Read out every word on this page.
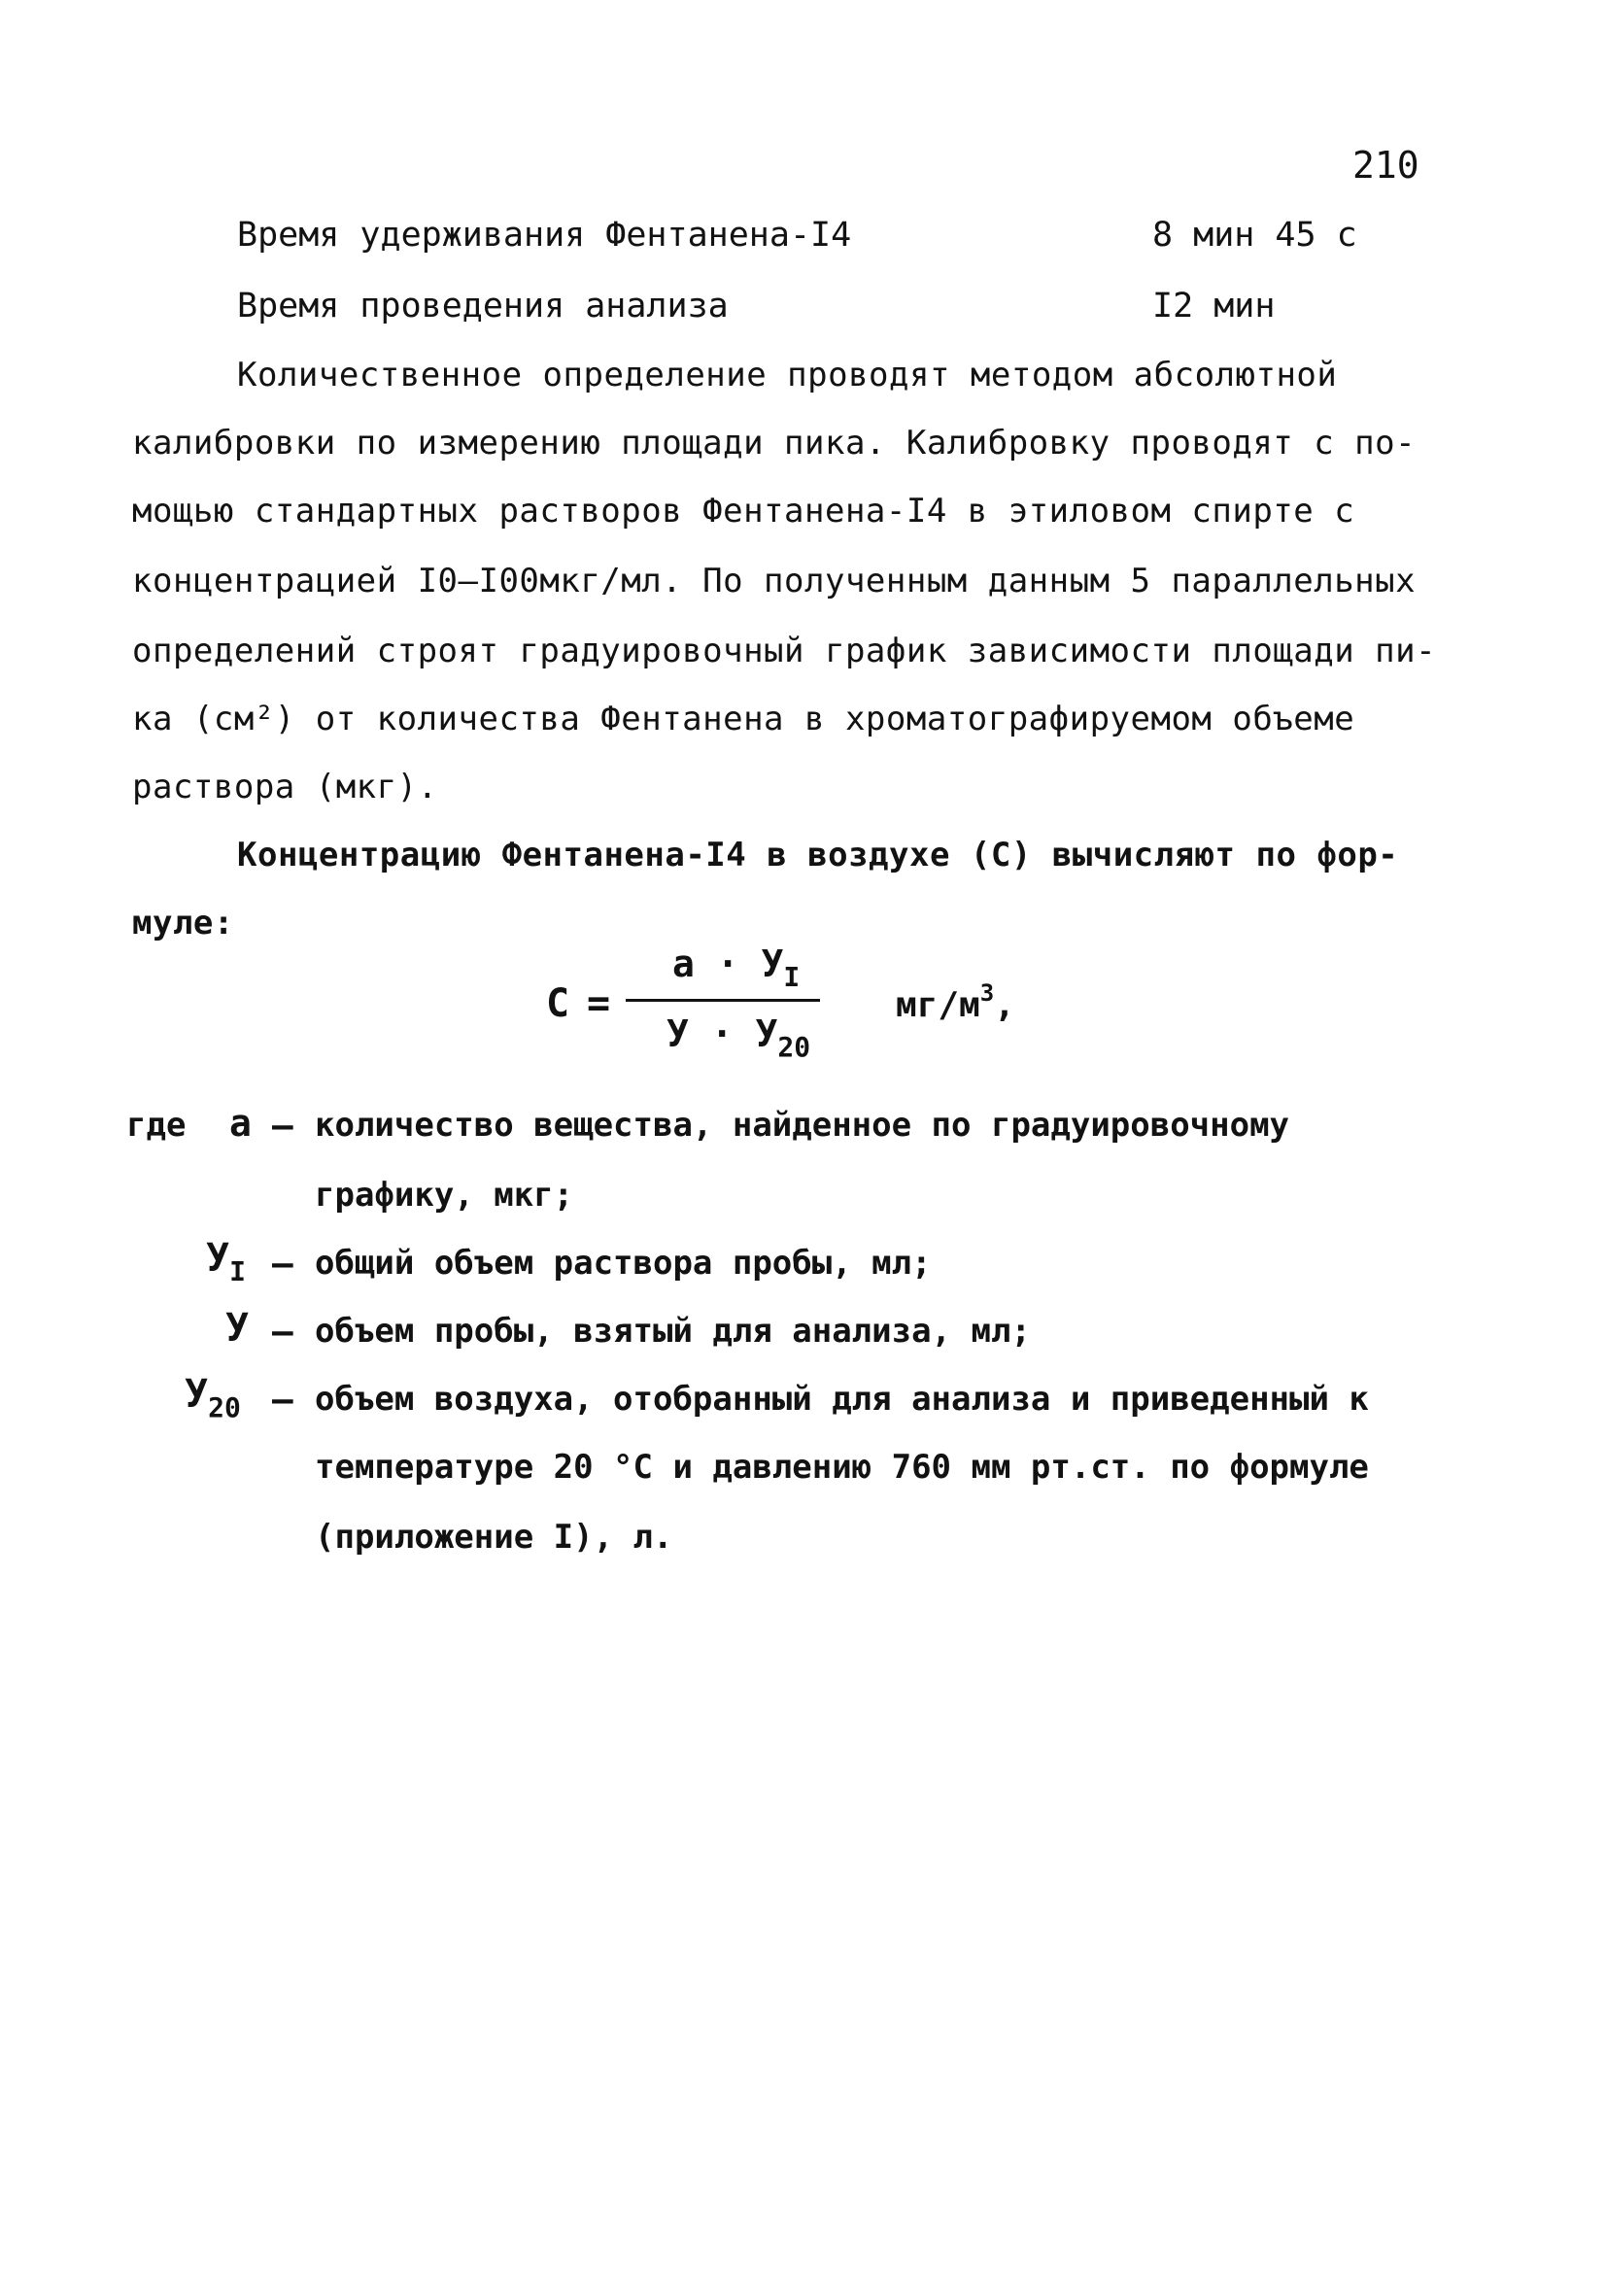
210
Время удерживания Фентанена-I4	8 мин 45 с
Время проведения анализа	I2 мин
Количественное определение проводят методом абсолютной
калибровки по измерению площади пика. Калибровку проводят с по-
мощью стандартных растворов Фентанена-I4 в этиловом спирте с
концентрацией I0–I00мкг/мл. По полученным данным 5 параллельных
определений строят градуировочный график зависимости площади пи-
ка (см²) от количества Фентанена в хроматографируемом объеме
раствора (мкг).
Концентрацию Фентанена-I4 в воздухе (С) вычисляют по фор-
муле:
С =
$а \cdot У_I$
$У \cdot У_{20}$
$мг/м^3$,
где а – количество вещества, найденное по градуировочному
графику, мкг;
$У_I$ – общий объем раствора пробы, мл;
У – объем пробы, взятый для анализа, мл;
$У_{20}$ – объем воздуха, отобранный для анализа и приведенный к
температуре 20 °С и давлению 760 мм рт.ст. по формуле
(приложение I), л.
